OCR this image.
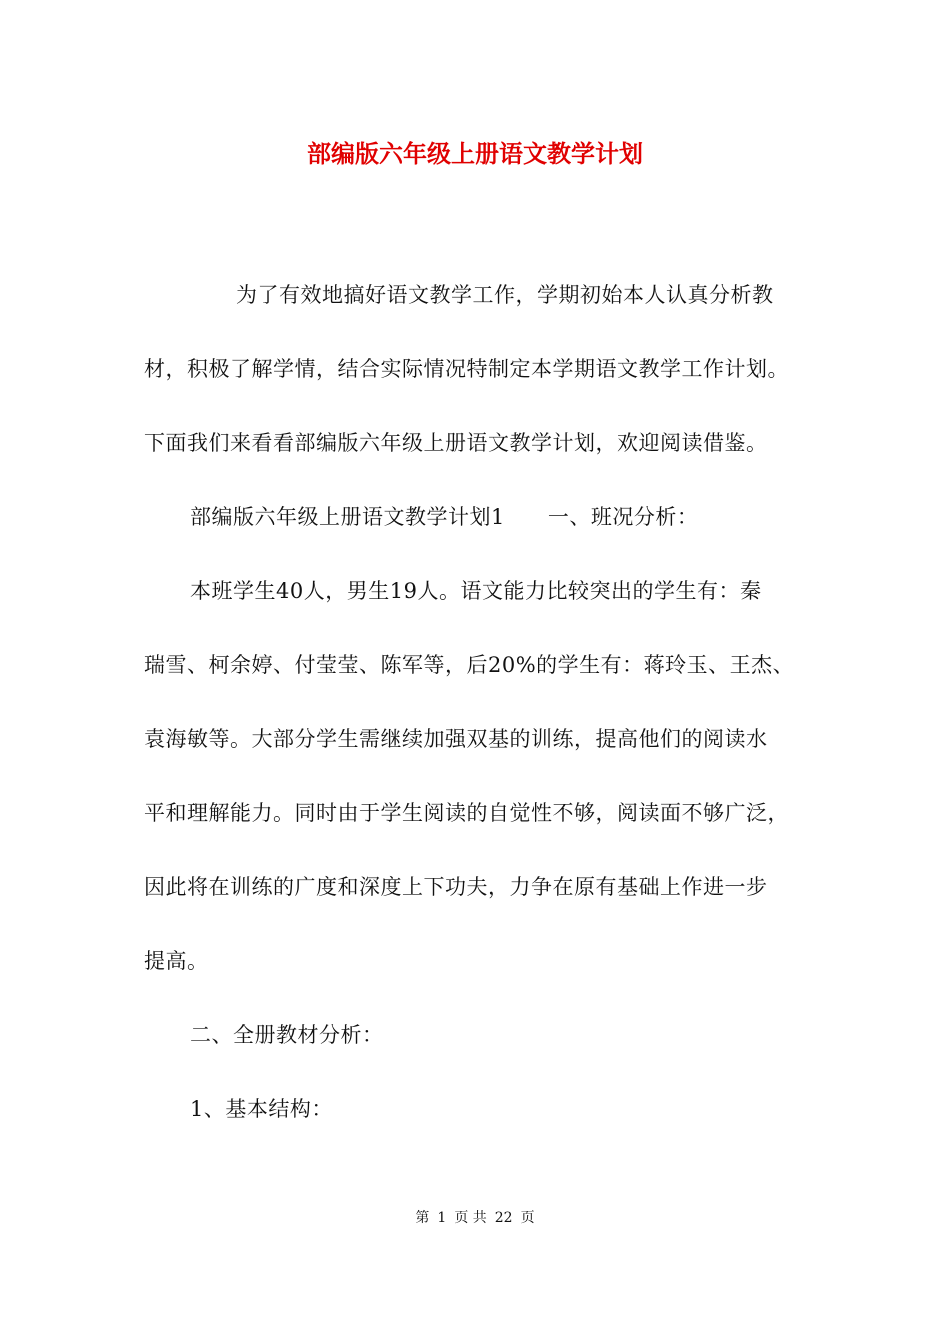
部编版六年级上册语文教学计划
为了有效地搞好语文教学工作，学期初始本人认真分析教
材，积极了解学情，结合实际情况特制定本学期语文教学工作计划。
下面我们来看看部编版六年级上册语文教学计划，欢迎阅读借鉴。
部编版六年级上册语文教学计划1　　一、班况分析：
本班学生40人，男生19人。语文能力比较突出的学生有：秦
瑞雪、柯余婷、付莹莹、陈军等，后20%的学生有：蒋玲玉、王杰、
袁海敏等。大部分学生需继续加强双基的训练，提高他们的阅读水
平和理解能力。同时由于学生阅读的自觉性不够，阅读面不够广泛，
因此将在训练的广度和深度上下功夫，力争在原有基础上作进一步
提高。
二、全册教材分析：
1、基本结构：
第 1 页 共 22 页
